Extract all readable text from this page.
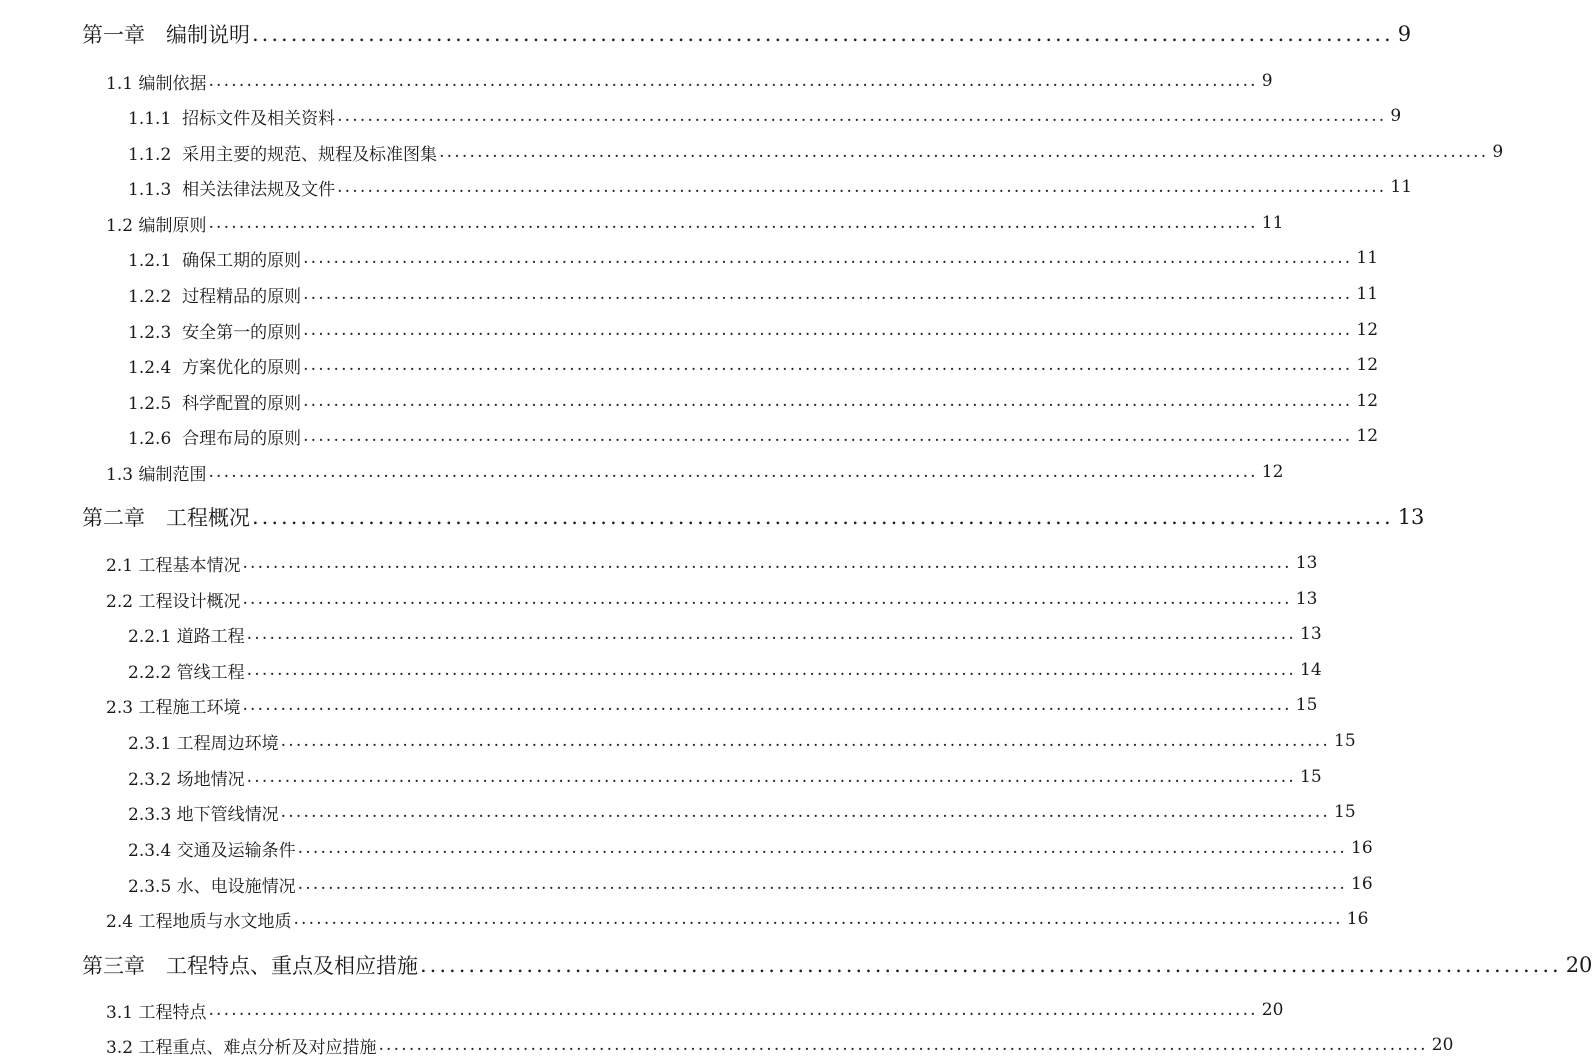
第一章　编制说明 ...................................................................................................................... 9
1.1 编制依据 .......................................................................................................................................... 9
1.1.1  招标文件及相关资料 .......................................................................................................................................... 9
1.1.2  采用主要的规范、规程及标准图集 .......................................................................................................................................... 9
1.1.3  相关法律法规及文件 .......................................................................................................................................... 11
1.2 编制原则 .......................................................................................................................................... 11
1.2.1  确保工期的原则 .......................................................................................................................................... 11
1.2.2  过程精品的原则 .......................................................................................................................................... 11
1.2.3  安全第一的原则 .......................................................................................................................................... 12
1.2.4  方案优化的原则 .......................................................................................................................................... 12
1.2.5  科学配置的原则 .......................................................................................................................................... 12
1.2.6  合理布局的原则 .......................................................................................................................................... 12
1.3 编制范围 .......................................................................................................................................... 12
第二章　工程概况 ...................................................................................................................... 13
2.1 工程基本情况 .......................................................................................................................................... 13
2.2 工程设计概况 .......................................................................................................................................... 13
2.2.1 道路工程 .......................................................................................................................................... 13
2.2.2 管线工程 .......................................................................................................................................... 14
2.3 工程施工环境 .......................................................................................................................................... 15
2.3.1 工程周边环境 .......................................................................................................................................... 15
2.3.2 场地情况 .......................................................................................................................................... 15
2.3.3 地下管线情况 .......................................................................................................................................... 15
2.3.4 交通及运输条件 .......................................................................................................................................... 16
2.3.5 水、电设施情况 .......................................................................................................................................... 16
2.4 工程地质与水文地质 .......................................................................................................................................... 16
第三章　工程特点、重点及相应措施 ...................................................................................................................... 20
3.1 工程特点 .......................................................................................................................................... 20
3.2 工程重点、难点分析及对应措施 .......................................................................................................................................... 20
